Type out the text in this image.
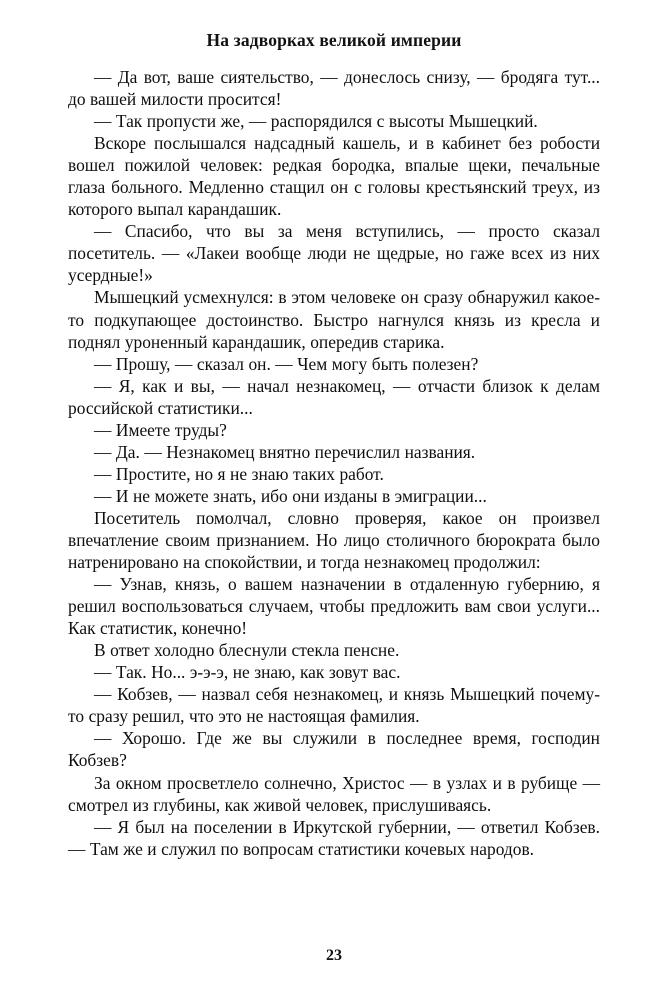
На задворках великой империи

— Да вот, ваше сиятельство, — донеслось снизу, — бродяга тут... до вашей милости просится!

— Так пропусти же, — распорядился с высоты Мышецкий.

Вскоре послышался надсадный кашель, и в кабинет без робости вошел пожилой человек: редкая бородка, впалые щеки, печальные глаза больного. Медленно стащил он с головы крестьянский треух, из которого выпал карандашик.

— Спасибо, что вы за меня вступились, — просто сказал посетитель. — «Лакеи вообще люди не щедрые, но гаже всех из них усердные!»

Мышецкий усмехнулся: в этом человеке он сразу обнаружил какое-то подкупающее достоинство. Быстро нагнулся князь из кресла и поднял уроненный карандашик, опередив старика.

— Прошу, — сказал он. — Чем могу быть полезен?

— Я, как и вы, — начал незнакомец, — отчасти близок к делам российской статистики...

— Имеете труды?

— Да. — Незнакомец внятно перечислил названия.

— Простите, но я не знаю таких работ.

— И не можете знать, ибо они изданы в эмиграции...

Посетитель помолчал, словно проверяя, какое он произвел впечатление своим признанием. Но лицо столичного бюрократа было натренировано на спокойствии, и тогда незнакомец продолжил:

— Узнав, князь, о вашем назначении в отдаленную губернию, я решил воспользоваться случаем, чтобы предложить вам свои услуги... Как статистик, конечно!

В ответ холодно блеснули стекла пенсне.

— Так. Но... э-э-э, не знаю, как зовут вас.

— Кобзев, — назвал себя незнакомец, и князь Мышецкий почему-то сразу решил, что это не настоящая фамилия.

— Хорошо. Где же вы служили в последнее время, господин Кобзев?

За окном просветлело солнечно, Христос — в узлах и в рубище — смотрел из глубины, как живой человек, прислушиваясь.

— Я был на поселении в Иркутской губернии, — ответил Кобзев. — Там же и служил по вопросам статистики кочевых народов.

23
